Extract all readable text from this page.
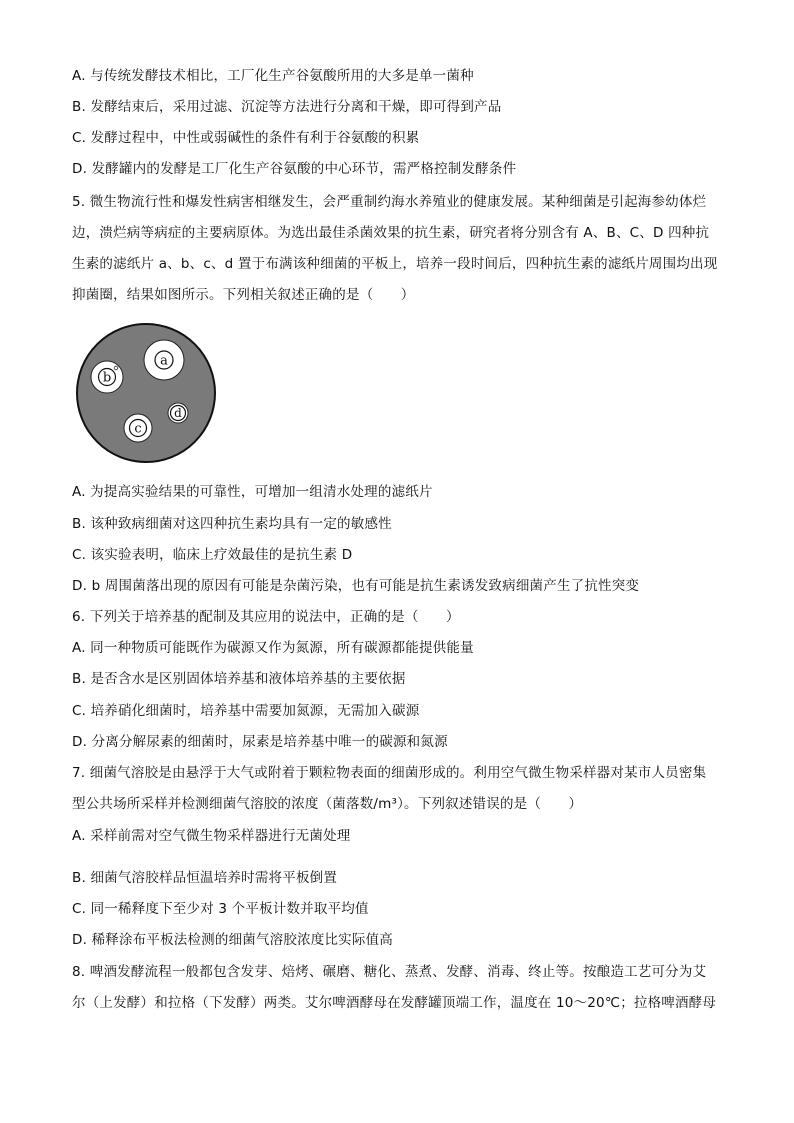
A. 与传统发酵技术相比，工厂化生产谷氨酸所用的大多是单一菌种
B. 发酵结束后，采用过滤、沉淀等方法进行分离和干燥，即可得到产品
C. 发酵过程中，中性或弱碱性的条件有利于谷氨酸的积累
D. 发酵罐内的发酵是工厂化生产谷氨酸的中心环节，需严格控制发酵条件
5. 微生物流行性和爆发性病害相继发生，会严重制约海水养殖业的健康发展。某种细菌是引起海参幼体烂
边，溃烂病等病症的主要病原体。为选出最佳杀菌效果的抗生素，研究者将分别含有 A、B、C、D 四种抗
生素的滤纸片 a、b、c、d 置于布满该种细菌的平板上，培养一段时间后，四种抗生素的滤纸片周围均出现
抑菌圈，结果如图所示。下列相关叙述正确的是（　　）
a
b
c
d
A. 为提高实验结果的可靠性，可增加一组清水处理的滤纸片
B. 该种致病细菌对这四种抗生素均具有一定的敏感性
C. 该实验表明，临床上疗效最佳的是抗生素 D
D. b 周围菌落出现的原因有可能是杂菌污染，也有可能是抗生素诱发致病细菌产生了抗性突变
6. 下列关于培养基的配制及其应用的说法中，正确的是（　　）
A. 同一种物质可能既作为碳源又作为氮源，所有碳源都能提供能量
B. 是否含水是区别固体培养基和液体培养基的主要依据
C. 培养硝化细菌时，培养基中需要加氮源，无需加入碳源
D. 分离分解尿素的细菌时，尿素是培养基中唯一的碳源和氮源
7. 细菌气溶胶是由悬浮于大气或附着于颗粒物表面的细菌形成的。利用空气微生物采样器对某市人员密集
型公共场所采样并检测细菌气溶胶的浓度（菌落数/m³）。下列叙述错误的是（　　）
A. 采样前需对空气微生物采样器进行无菌处理
B. 细菌气溶胶样品恒温培养时需将平板倒置
C. 同一稀释度下至少对 3 个平板计数并取平均值
D. 稀释涂布平板法检测的细菌气溶胶浓度比实际值高
8. 啤酒发酵流程一般都包含发芽、焙烤、碾磨、糖化、蒸煮、发酵、消毒、终止等。按酿造工艺可分为艾
尔（上发酵）和拉格（下发酵）两类。艾尔啤酒酵母在发酵罐顶端工作，温度在 10～20℃；拉格啤酒酵母
